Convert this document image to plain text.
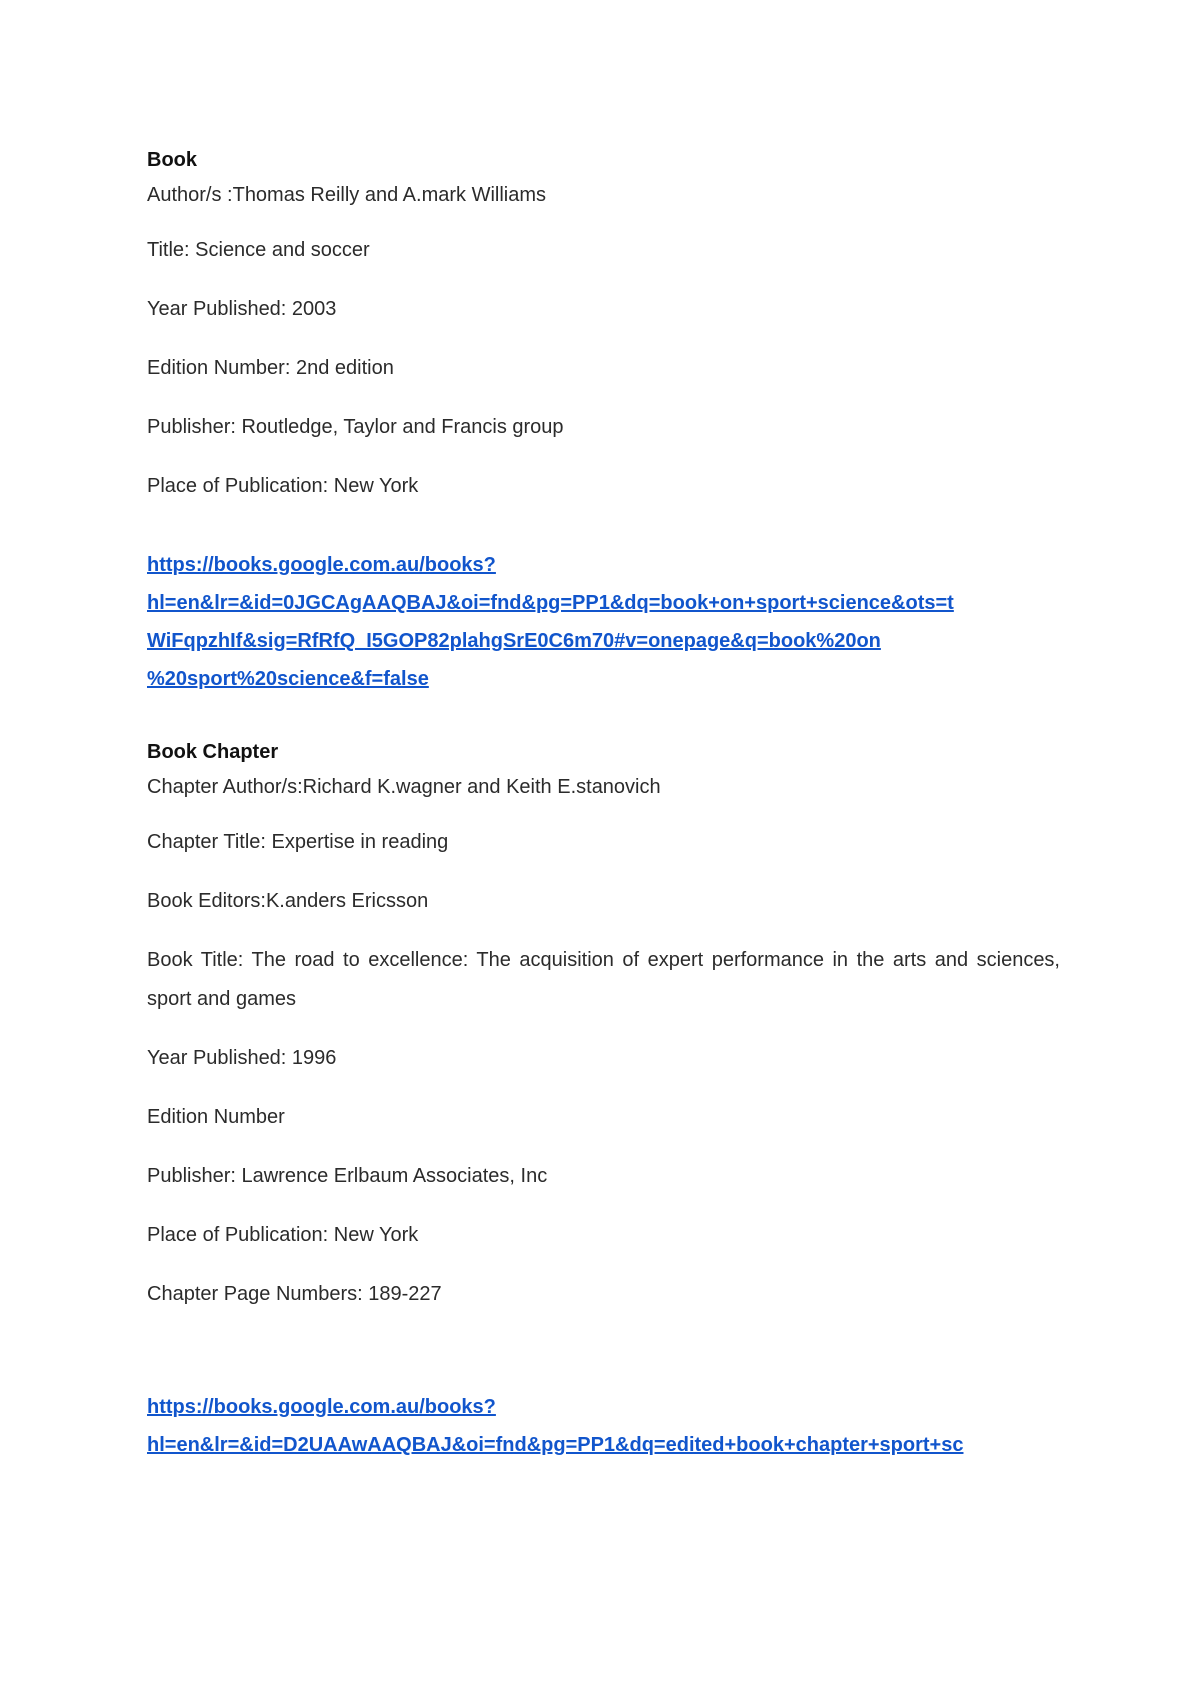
Book

Author/s :Thomas Reilly and A.mark Williams

Title: Science and soccer

Year Published: 2003

Edition Number: 2nd edition

Publisher: Routledge, Taylor and Francis group

Place of Publication: New York

https://books.google.com.au/books?
hl=en&lr=&id=0JGCAgAAQBAJ&oi=fnd&pg=PP1&dq=book+on+sport+science&ots=t
WiFqpzhIf&sig=RfRfQ_I5GOP82plahgSrE0C6m70#v=onepage&q=book%20on
%20sport%20science&f=false

Book Chapter

Chapter Author/s:Richard K.wagner and Keith E.stanovich

Chapter Title: Expertise in reading

Book Editors:K.anders Ericsson

Book Title: The road to excellence: The acquisition of expert performance in the arts and sciences, sport and games

Year Published: 1996

Edition Number

Publisher: Lawrence Erlbaum Associates, Inc

Place of Publication: New York

Chapter Page Numbers: 189-227

https://books.google.com.au/books?
hl=en&lr=&id=D2UAAwAAQBAJ&oi=fnd&pg=PP1&dq=edited+book+chapter+sport+sc
